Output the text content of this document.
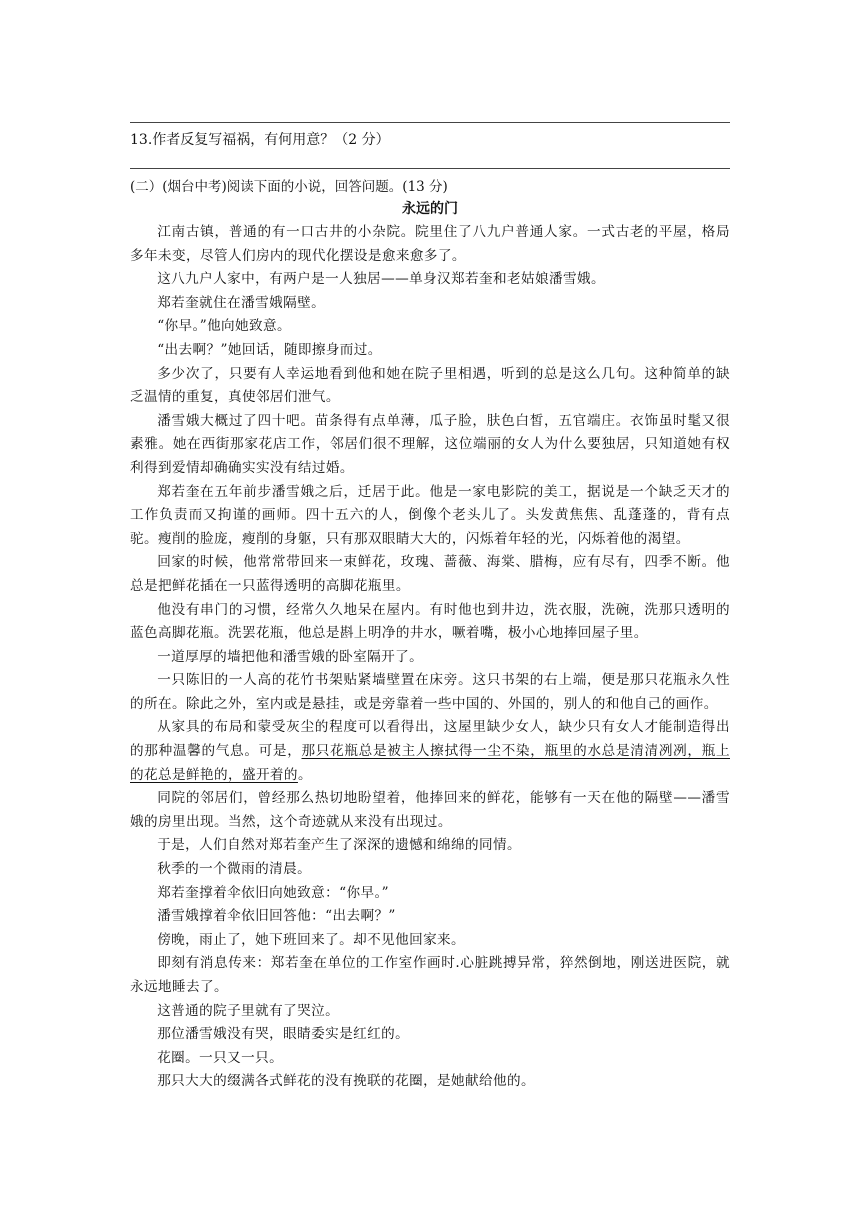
13.作者反复写福祸，有何用意？（2 分）
(二）(烟台中考)阅读下面的小说，回答问题。(13 分)
永远的门

江南古镇，普通的有一口古井的小杂院。院里住了八九户普通人家。一式古老的平屋，格局多年未变，尽管人们房内的现代化摆设是愈来愈多了。

这八九户人家中，有两户是一人独居——单身汉郑若奎和老姑娘潘雪娥。

郑若奎就住在潘雪娥隔壁。

“你早。”他向她致意。

“出去啊？”她回话，随即擦身而过。

多少次了，只要有人幸运地看到他和她在院子里相遇，听到的总是这么几句。这种简单的缺乏温情的重复，真使邻居们泄气。

潘雪娥大概过了四十吧。苗条得有点单薄，瓜子脸，肤色白皙，五官端庄。衣饰虽时髦又很素雅。她在西街那家花店工作，邻居们很不理解，这位端丽的女人为什么要独居，只知道她有权利得到爱情却确确实实没有结过婚。

郑若奎在五年前步潘雪娥之后，迁居于此。他是一家电影院的美工，据说是一个缺乏天才的工作负责而又拘谨的画师。四十五六的人，倒像个老头儿了。头发黄焦焦、乱蓬蓬的，背有点驼。瘦削的脸庞，瘦削的身躯，只有那双眼睛大大的，闪烁着年轻的光，闪烁着他的渴望。

回家的时候，他常常带回来一束鲜花，玫瑰、蔷薇、海棠、腊梅，应有尽有，四季不断。他总是把鲜花插在一只蓝得透明的高脚花瓶里。

他没有串门的习惯，经常久久地呆在屋内。有时他也到井边，洗衣服，洗碗，洗那只透明的蓝色高脚花瓶。洗罢花瓶，他总是斟上明净的井水，噘着嘴，极小心地捧回屋子里。

一道厚厚的墙把他和潘雪娥的卧室隔开了。

一只陈旧的一人高的花竹书架贴紧墙壁置在床旁。这只书架的右上端，便是那只花瓶永久性的所在。除此之外，室内或是悬挂，或是旁靠着一些中国的、外国的，别人的和他自己的画作。

从家具的布局和蒙受灰尘的程度可以看得出，这屋里缺少女人，缺少只有女人才能制造得出的那种温馨的气息。可是，那只花瓶总是被主人擦拭得一尘不染，瓶里的水总是清清冽冽，瓶上的花总是鲜艳的，盛开着的。

同院的邻居们，曾经那么热切地盼望着，他捧回来的鲜花，能够有一天在他的隔壁——潘雪娥的房里出现。当然，这个奇迹就从来没有出现过。

于是，人们自然对郑若奎产生了深深的遗憾和绵绵的同情。

秋季的一个微雨的清晨。

郑若奎撑着伞依旧向她致意：“你早。”

潘雪娥撑着伞依旧回答他：“出去啊？”

傍晚，雨止了，她下班回来了。却不见他回家来。

即刻有消息传来：郑若奎在单位的工作室作画时.心脏跳搏异常，猝然倒地，刚送进医院，就永远地睡去了。

这普通的院子里就有了哭泣。

那位潘雪娥没有哭，眼睛委实是红红的。

花圈。一只又一只。

那只大大的缀满各式鲜花的没有挽联的花圈，是她献给他的。
